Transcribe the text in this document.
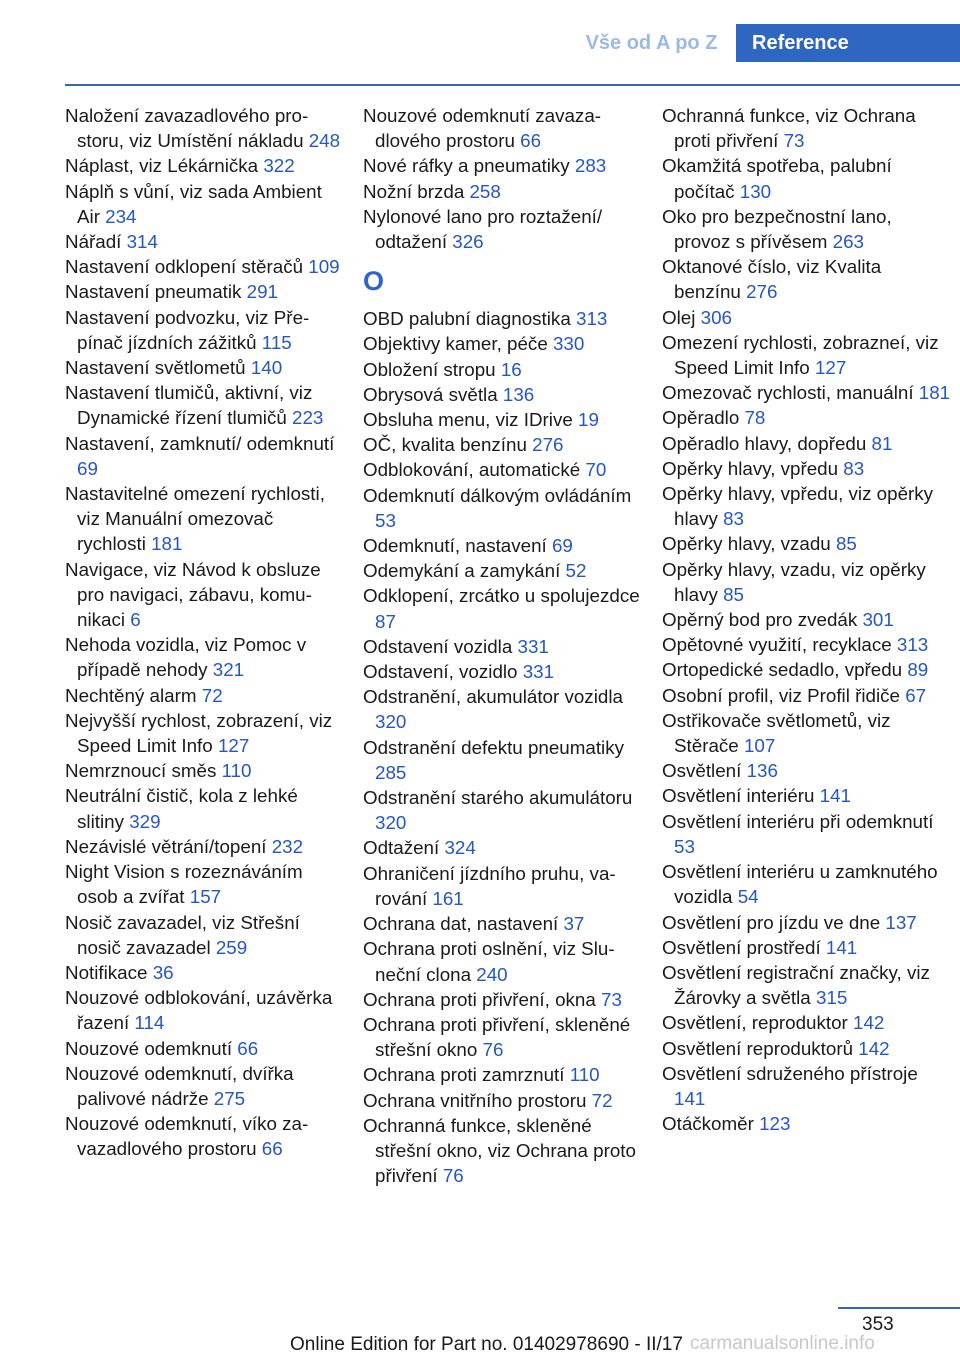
Vše od A po Z	Reference

Naložení zavazadlového prostoru, viz Umístění nákladu 248

Náplast, viz Lékárnička 322

Náplň s vůní, viz sada Ambient Air 234

Nářadí 314

Nastavení odklopení stěračů 109

Nastavení pneumatik 291

Nastavení podvozku, viz Přepínač jízdních zážitků 115

Nastavení světlometů 140

Nastavení tlumičů, aktivní, viz Dynamické řízení tlumičů 223

Nastavení, zamknutí/ odemknutí 69

Nastavitelné omezení rychlosti, viz Manuální omezovač rychlosti 181

Navigace, viz Návod k obsluze pro navigaci, zábavu, komunikaci 6

Nehoda vozidla, viz Pomoc v případě nehody 321

Nechtěný alarm 72

Nejvyšší rychlost, zobrazení, viz Speed Limit Info 127

Nemrznoucí směs 110

Neutrální čistič, kola z lehké slitiny 329

Nezávislé větrání/topení 232

Night Vision s rozeznáváním osob a zvířat 157

Nosič zavazadel, viz Střešní nosič zavazadel 259

Notifikace 36

Nouzové odblokování, uzávěrka řazení 114

Nouzové odemknutí 66

Nouzové odemknutí, dvířka palivové nádrže 275

Nouzové odemknutí, víko zavazadlového prostoru 66

Nouzové odemknutí zavazadlového prostoru 66

Nové ráfky a pneumatiky 283

Nožní brzda 258

Nylonové lano pro roztažení/ odtažení 326

O

OBD palubní diagnostika 313

Objektivy kamer, péče 330

Obložení stropu 16

Obrysová světla 136

Obsluha menu, viz IDrive 19

OČ, kvalita benzínu 276

Odblokování, automatické 70

Odemknutí dálkovým ovládáním 53

Odemknutí, nastavení 69

Odemykání a zamykání 52

Odklopení, zrcátko u spolujezdce 87

Odstavení vozidla 331

Odstavení, vozidlo 331

Odstranění, akumulátor vozidla 320

Odstranění defektu pneumatiky 285

Odstranění starého akumulátoru 320

Odtažení 324

Ohraničení jízdního pruhu, varování 161

Ochrana dat, nastavení 37

Ochrana proti oslnění, viz Sluneční clona 240

Ochrana proti přivření, okna 73

Ochrana proti přivření, skleněné střešní okno 76

Ochrana proti zamrznutí 110

Ochrana vnitřního prostoru 72

Ochranná funkce, skleněné střešní okno, viz Ochrana proto přivření 76

Ochranná funkce, viz Ochrana proti přivření 73

Okamžitá spotřeba, palubní počítač 130

Oko pro bezpečnostní lano, provoz s přívěsem 263

Oktanové číslo, viz Kvalita benzínu 276

Olej 306

Omezení rychlosti, zobrazneí, viz Speed Limit Info 127

Omezovač rychlosti, manuální 181

Opěradlo 78

Opěradlo hlavy, dopředu 81

Opěrky hlavy, vpředu 83

Opěrky hlavy, vpředu, viz opěrky hlavy 83

Opěrky hlavy, vzadu 85

Opěrky hlavy, vzadu, viz opěrky hlavy 85

Opěrný bod pro zvedák 301

Opětovné využití, recyklace 313

Ortopedické sedadlo, vpředu 89

Osobní profil, viz Profil řidiče 67

Ostřikovače světlometů, viz Stěrače 107

Osvětlení 136

Osvětlení interiéru 141

Osvětlení interiéru při odemknutí 53

Osvětlení interiéru u zamknutého vozidla 54

Osvětlení pro jízdu ve dne 137

Osvětlení prostředí 141

Osvětlení registrační značky, viz Žárovky a světla 315

Osvětlení, reproduktor 142

Osvětlení reproduktorů 142

Osvětlení sdruženého přístroje 141

Otáčkoměr 123

353
Online Edition for Part no. 01402978690 - II/17 carmanualsonline.info
